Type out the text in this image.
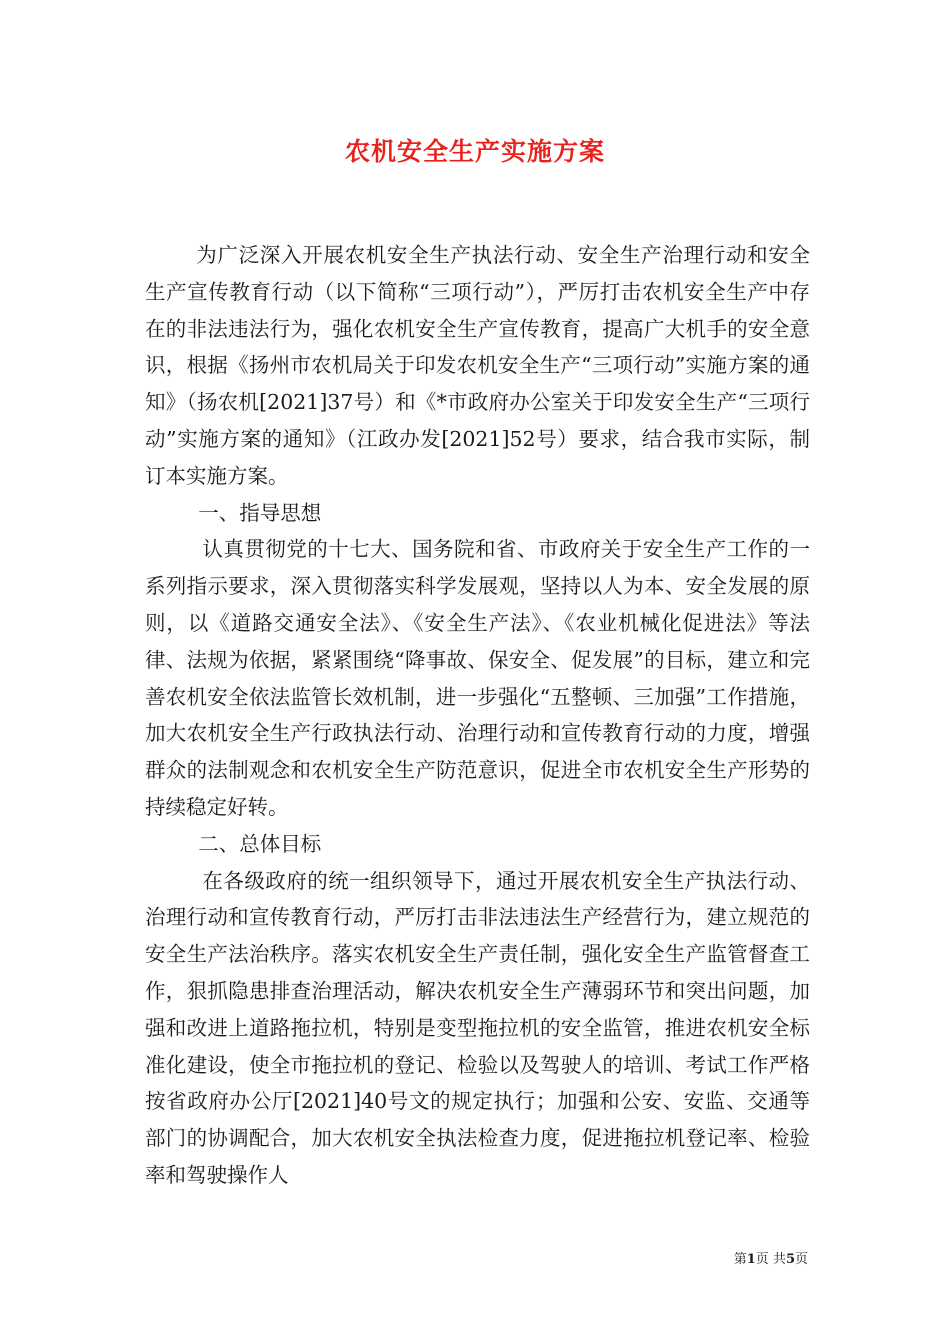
农机安全生产实施方案

为广泛深入开展农机安全生产执法行动、安全生产治理行动和安全生产宣传教育行动（以下简称“三项行动”），严厉打击农机安全生产中存在的非法违法行为，强化农机安全生产宣传教育，提高广大机手的安全意识，根据《扬州市农机局关于印发农机安全生产“三项行动”实施方案的通知》（扬农机[2021]37号）和《*市政府办公室关于印发安全生产“三项行动”实施方案的通知》（江政办发[2021]52号）要求，结合我市实际，制订本实施方案。

一、指导思想

认真贯彻党的十七大、国务院和省、市政府关于安全生产工作的一系列指示要求，深入贯彻落实科学发展观，坚持以人为本、安全发展的原则，以《道路交通安全法》、《安全生产法》、《农业机械化促进法》等法律、法规为依据，紧紧围绕“降事故、保安全、促发展”的目标，建立和完善农机安全依法监管长效机制，进一步强化“五整顿、三加强”工作措施，加大农机安全生产行政执法行动、治理行动和宣传教育行动的力度，增强群众的法制观念和农机安全生产防范意识，促进全市农机安全生产形势的持续稳定好转。

二、总体目标

在各级政府的统一组织领导下，通过开展农机安全生产执法行动、治理行动和宣传教育行动，严厉打击非法违法生产经营行为，建立规范的安全生产法治秩序。落实农机安全生产责任制，强化安全生产监管督查工作，狠抓隐患排查治理活动，解决农机安全生产薄弱环节和突出问题，加强和改进上道路拖拉机，特别是变型拖拉机的安全监管，推进农机安全标准化建设，使全市拖拉机的登记、检验以及驾驶人的培训、考试工作严格按省政府办公厅[2021]40号文的规定执行；加强和公安、安监、交通等部门的协调配合，加大农机安全执法检查力度，促进拖拉机登记率、检验率和驾驶操作人

第1页 共5页
